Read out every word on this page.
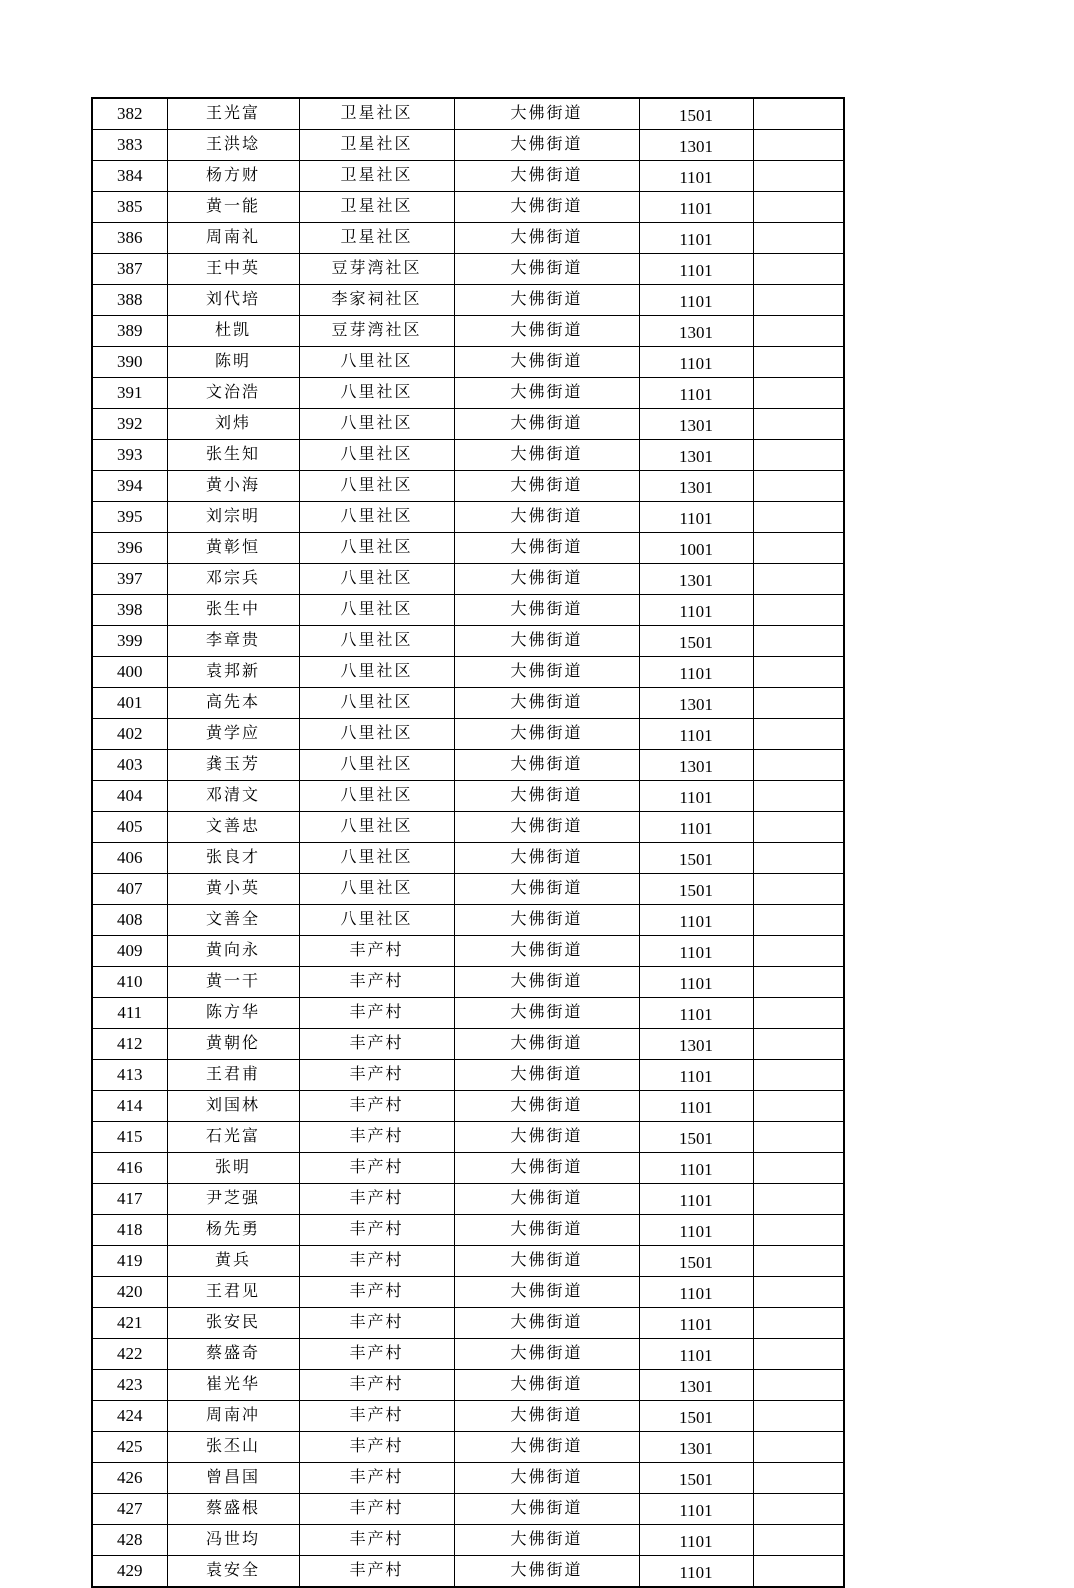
382	王光富	卫星社区	大佛街道	1501	
383	王洪埝	卫星社区	大佛街道	1301	
384	杨方财	卫星社区	大佛街道	1101	
385	黄一能	卫星社区	大佛街道	1101	
386	周南礼	卫星社区	大佛街道	1101	
387	王中英	豆芽湾社区	大佛街道	1101	
388	刘代培	李家祠社区	大佛街道	1101	
389	杜凯	豆芽湾社区	大佛街道	1301	
390	陈明	八里社区	大佛街道	1101	
391	文治浩	八里社区	大佛街道	1101	
392	刘炜	八里社区	大佛街道	1301	
393	张生知	八里社区	大佛街道	1301	
394	黄小海	八里社区	大佛街道	1301	
395	刘宗明	八里社区	大佛街道	1101	
396	黄彰恒	八里社区	大佛街道	1001	
397	邓宗兵	八里社区	大佛街道	1301	
398	张生中	八里社区	大佛街道	1101	
399	李章贵	八里社区	大佛街道	1501	
400	袁邦新	八里社区	大佛街道	1101	
401	高先本	八里社区	大佛街道	1301	
402	黄学应	八里社区	大佛街道	1101	
403	龚玉芳	八里社区	大佛街道	1301	
404	邓清文	八里社区	大佛街道	1101	
405	文善忠	八里社区	大佛街道	1101	
406	张良才	八里社区	大佛街道	1501	
407	黄小英	八里社区	大佛街道	1501	
408	文善全	八里社区	大佛街道	1101	
409	黄向永	丰产村	大佛街道	1101	
410	黄一干	丰产村	大佛街道	1101	
411	陈方华	丰产村	大佛街道	1101	
412	黄朝伦	丰产村	大佛街道	1301	
413	王君甫	丰产村	大佛街道	1101	
414	刘国林	丰产村	大佛街道	1101	
415	石光富	丰产村	大佛街道	1501	
416	张明	丰产村	大佛街道	1101	
417	尹芝强	丰产村	大佛街道	1101	
418	杨先勇	丰产村	大佛街道	1101	
419	黄兵	丰产村	大佛街道	1501	
420	王君见	丰产村	大佛街道	1101	
421	张安民	丰产村	大佛街道	1101	
422	蔡盛奇	丰产村	大佛街道	1101	
423	崔光华	丰产村	大佛街道	1301	
424	周南冲	丰产村	大佛街道	1501	
425	张丕山	丰产村	大佛街道	1301	
426	曾昌国	丰产村	大佛街道	1501	
427	蔡盛根	丰产村	大佛街道	1101	
428	冯世均	丰产村	大佛街道	1101	
429	袁安全	丰产村	大佛街道	1101	
